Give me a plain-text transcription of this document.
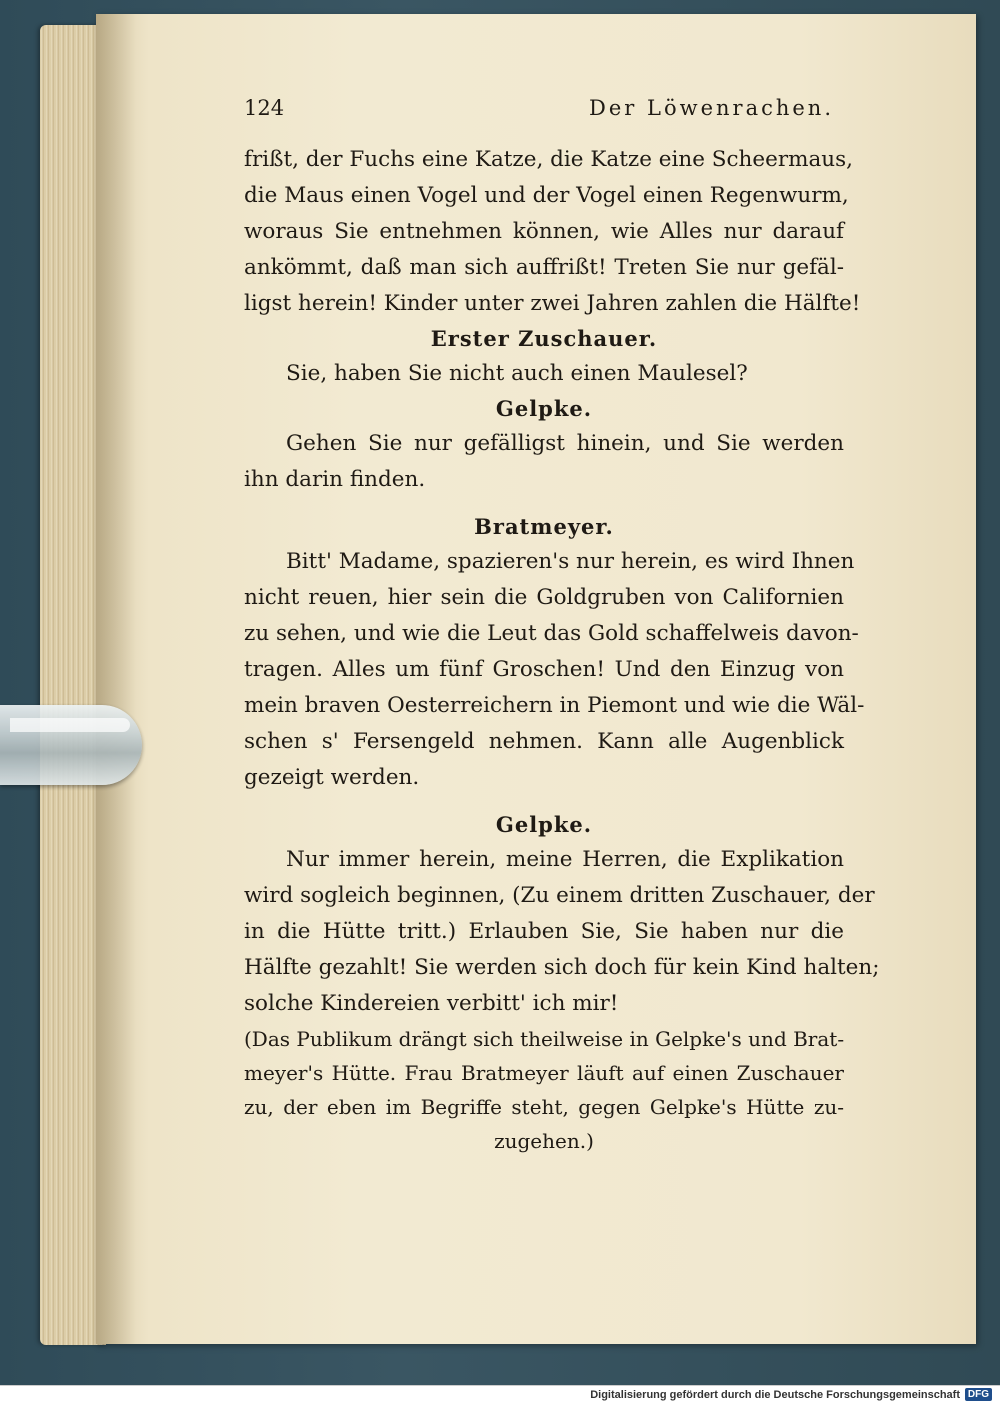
124	Der Löwenrachen.
frißt, der Fuchs eine Katze, die Katze eine Scheermaus,
die Maus einen Vogel und der Vogel einen Regenwurm,
woraus Sie entnehmen können, wie Alles nur darauf
ankömmt, daß man sich auffrißt! Treten Sie nur gefäl-
ligst herein! Kinder unter zwei Jahren zahlen die Hälfte!
Erster Zuschauer.
Sie, haben Sie nicht auch einen Maulesel?
Gelpke.
Gehen Sie nur gefälligst hinein, und Sie werden
ihn darin finden.
Bratmeyer.
Bitt' Madame, spazieren's nur herein, es wird Ihnen
nicht reuen, hier sein die Goldgruben von Californien
zu sehen, und wie die Leut das Gold schaffelweis davon-
tragen. Alles um fünf Groschen! Und den Einzug von
mein braven Oesterreichern in Piemont und wie die Wäl-
schen s' Fersengeld nehmen. Kann alle Augenblick
gezeigt werden.
Gelpke.
Nur immer herein, meine Herren, die Explikation
wird sogleich beginnen, (Zu einem dritten Zuschauer, der
in die Hütte tritt.) Erlauben Sie, Sie haben nur die
Hälfte gezahlt! Sie werden sich doch für kein Kind halten;
solche Kindereien verbitt' ich mir!
(Das Publikum drängt sich theilweise in Gelpke's und Brat-
meyer's Hütte. Frau Bratmeyer läuft auf einen Zuschauer
zu, der eben im Begriffe steht, gegen Gelpke's Hütte zu-
zugehen.)
Digitalisierung gefördert durch die Deutsche Forschungsgemeinschaft DFG
